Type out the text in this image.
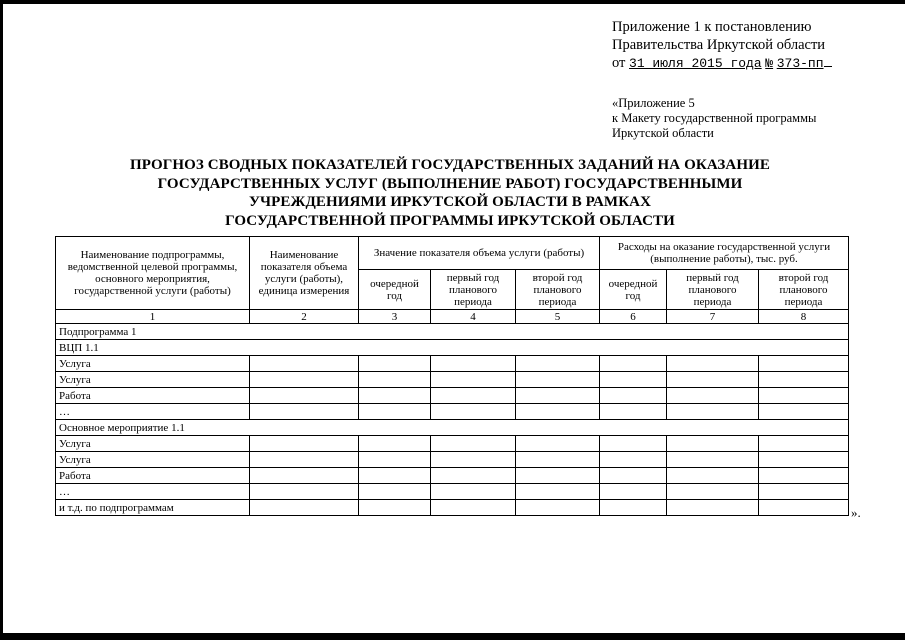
Приложение 1 к постановлению
Правительства Иркутской области
от 31 июля 2015 года № 373-пп
«Приложение 5
к Макету государственной программы
Иркутской области
ПРОГНОЗ СВОДНЫХ ПОКАЗАТЕЛЕЙ ГОСУДАРСТВЕННЫХ ЗАДАНИЙ НА ОКАЗАНИЕ
ГОСУДАРСТВЕННЫХ УСЛУГ (ВЫПОЛНЕНИЕ РАБОТ) ГОСУДАРСТВЕННЫМИ
УЧРЕЖДЕНИЯМИ ИРКУТСКОЙ ОБЛАСТИ В РАМКАХ
ГОСУДАРСТВЕННОЙ ПРОГРАММЫ ИРКУТСКОЙ ОБЛАСТИ
Наименование подпрограммы, ведомственной целевой программы, основного мероприятия, государственной услуги (работы)	Наименование показателя объема услуги (работы), единица измерения	Значение показателя объема услуги (работы)			Расходы на оказание государственной услуги (выполнение работы), тыс. руб.		
		очередной год	первый год планового периода	второй год планового периода	очередной год	первый год планового периода	второй год планового периода
1	2	3	4	5	6	7	8
Подпрограмма 1							
ВЦП 1.1							
Услуга							
Услуга							
Работа							
…							
Основное мероприятие 1.1							
Услуга							
Услуга							
Работа							
…							
и т.д. по подпрограммам								».
